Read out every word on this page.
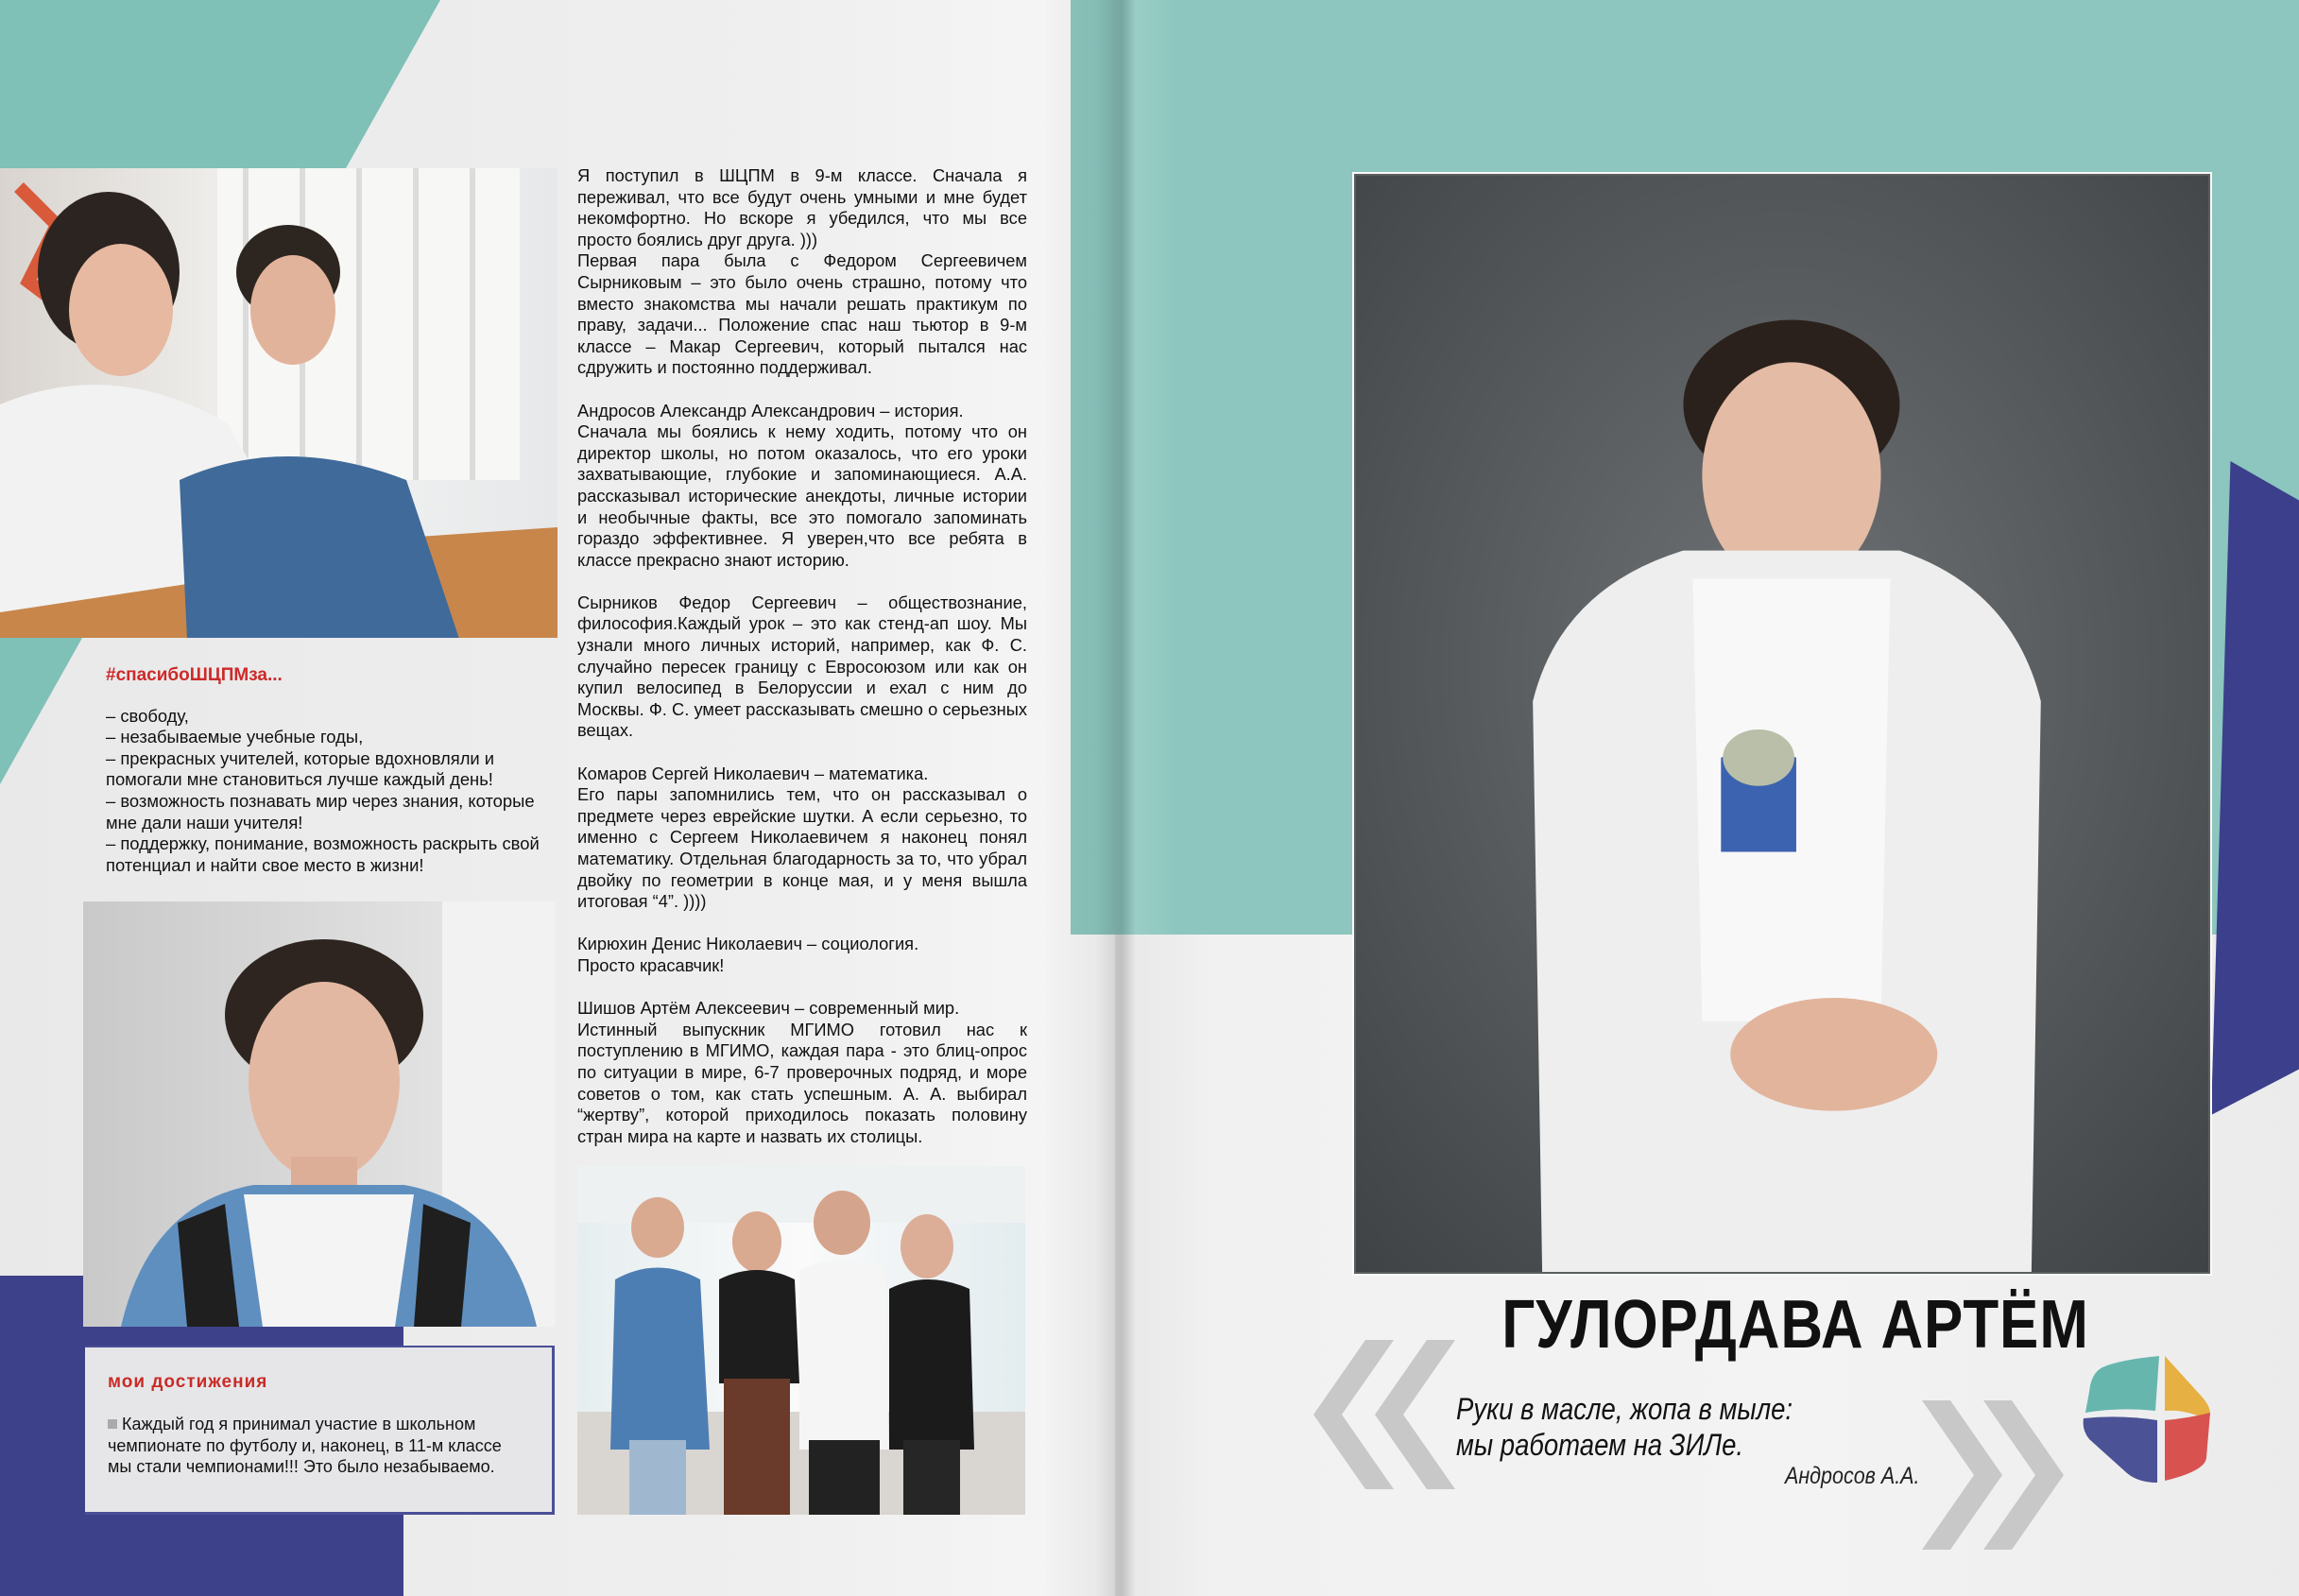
#спасибоШЦПМза...
– свободу,
– незабываемые учебные годы,
– прекрасных учителей, которые вдохновляли и помогали мне становиться лучше каждый день!
– возможность познавать мир через знания, которые мне дали наши учителя!
– поддержку, понимание, возможность раскрыть свой потенциал и найти свое место в жизни!
мои достижения
Каждый год я принимал участие в школьном чемпионате по футболу и, наконец, в 11-м классе мы стали чемпионами!!! Это было незабываемо.

Я поступил в ШЦПМ в 9-м классе. Сначала я переживал, что все будут очень умными и мне будет некомфортно. Но вскоре я убедился, что мы все просто боялись друг друга. )))

Первая пара была с Федором Сергеевичем Сырниковым – это было очень страшно, потому что вместо знакомства мы начали решать практикум по праву, задачи... Положение спас наш тьютор в 9-м классе – Макар Сергеевич, который пытался нас сдружить и постоянно поддерживал.

Андросов Александр Александрович – история.

Сначала мы боялись к нему ходить, потому что он директор школы, но потом оказалось, что его уроки захватывающие, глубокие и запоминающиеся. А.А. рассказывал исторические анекдоты, личные истории и необычные факты, все это помогало запоминать гораздо эффективнее. Я уверен,что все ребята в классе прекрасно знают историю.

Сырников Федор Сергеевич – обществознание, философия.Каждый урок – это как стенд-ап шоу. Мы узнали много личных историй, например, как Ф. С. случайно пересек границу с Евросоюзом или как он купил велосипед в Белоруссии и ехал с ним до Москвы. Ф. С. умеет рассказывать смешно о серьезных вещах.

Комаров Сергей Николаевич – математика.

Его пары запомнились тем, что он рассказывал о предмете через еврейские шутки. А если серьезно, то именно с Сергеем Николаевичем я наконец понял математику. Отдельная благодарность за то, что убрал двойку по геометрии в конце мая, и у меня вышла итоговая “4”. ))))

Кирюхин Денис Николаевич – социология.

Просто красавчик!

Шишов Артём Алексеевич – современный мир.

Истинный выпускник МГИМО готовил нас к поступлению в МГИМО, каждая пара - это блиц-опрос по ситуации в мире, 6-7 проверочных подряд, и море советов о том, как стать успешным. А. А. выбирал “жертву”, которой приходилось показать половину стран мира на карте и назвать их столицы.

ГУЛОРДАВА АРТЁМ
Руки в масле, жопа в мыле:
мы работаем на ЗИЛе.
Андросов А.А.
